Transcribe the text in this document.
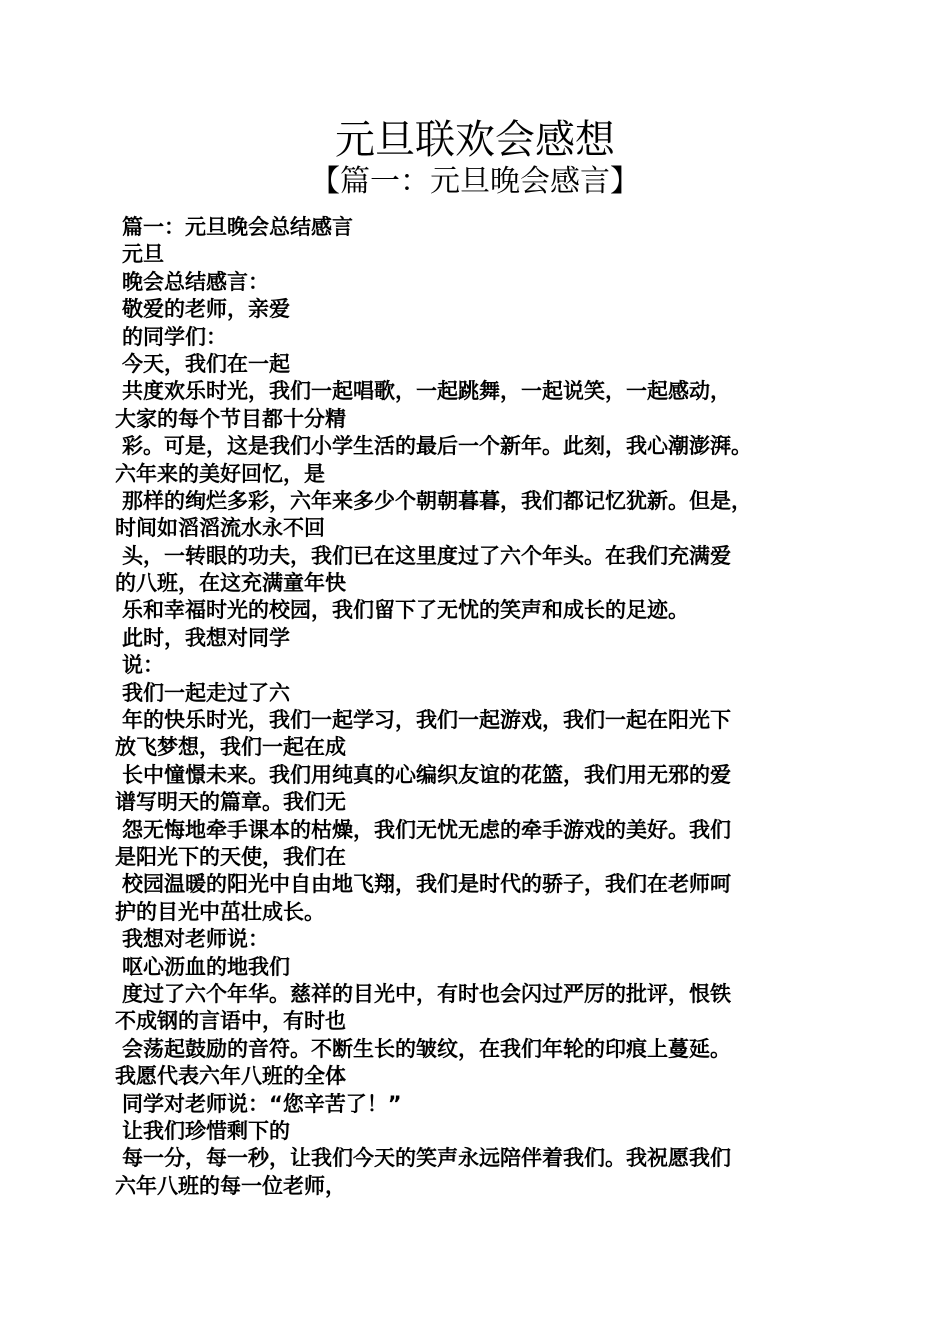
元旦联欢会感想
【篇一：元旦晚会感言】
篇一：元旦晚会总结感言
元旦
晚会总结感言：
敬爱的老师，亲爱
的同学们：
今天，我们在一起
共度欢乐时光，我们一起唱歌，一起跳舞，一起说笑，一起感动，
大家的每个节目都十分精
彩。可是，这是我们小学生活的最后一个新年。此刻，我心潮澎湃。
六年来的美好回忆，是
那样的绚烂多彩，六年来多少个朝朝暮暮，我们都记忆犹新。但是，
时间如滔滔流水永不回
头，一转眼的功夫，我们已在这里度过了六个年头。在我们充满爱
的八班，在这充满童年快
乐和幸福时光的校园，我们留下了无忧的笑声和成长的足迹。
此时，我想对同学
说：
我们一起走过了六
年的快乐时光，我们一起学习，我们一起游戏，我们一起在阳光下
放飞梦想，我们一起在成
长中憧憬未来。我们用纯真的心编织友谊的花篮，我们用无邪的爱
谱写明天的篇章。我们无
怨无悔地牵手课本的枯燥，我们无忧无虑的牵手游戏的美好。我们
是阳光下的天使，我们在
校园温暖的阳光中自由地飞翔，我们是时代的骄子，我们在老师呵
护的目光中茁壮成长。
我想对老师说：
呕心沥血的地我们
度过了六个年华。慈祥的目光中，有时也会闪过严厉的批评，恨铁
不成钢的言语中，有时也
会荡起鼓励的音符。不断生长的皱纹，在我们年轮的印痕上蔓延。
我愿代表六年八班的全体
同学对老师说：“您辛苦了！”
让我们珍惜剩下的
每一分，每一秒，让我们今天的笑声永远陪伴着我们。我祝愿我们
六年八班的每一位老师，
